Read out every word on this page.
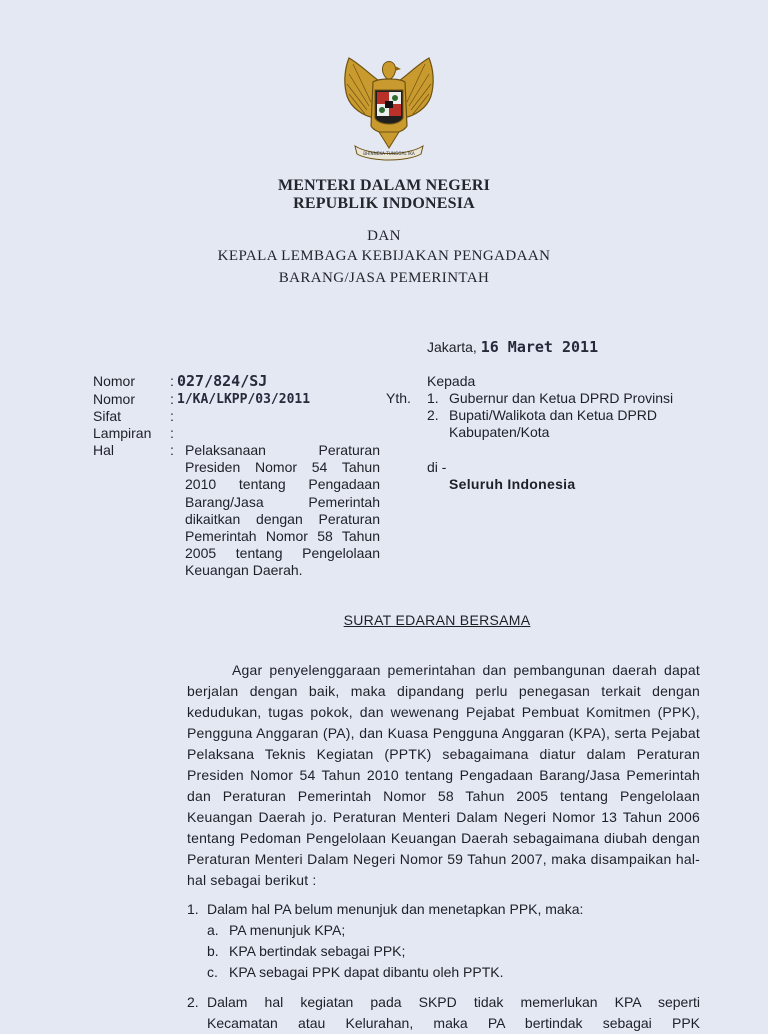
BHINNEKA TUNGGAL IKA
MENTERI DALAM NEGERI
REPUBLIK INDONESIA
DAN
KEPALA LEMBAGA KEBIJAKAN PENGADAAN
BARANG/JASA PEMERINTAH
Jakarta, 16 Maret 2011
Nomor : 027/824/SJ
Nomor : 1/KA/LKPP/03/2011
Sifat	:
Lampiran :
Hal	: Pelaksanaan Peraturan Presiden Nomor 54 Tahun 2010 tentang Pengadaan Barang/Jasa Pemerintah dikaitkan dengan Peraturan Pemerintah Nomor 58 Tahun 2005 tentang Pengelolaan Keuangan Daerah.
Kepada
Yth. 1. Gubernur dan Ketua DPRD Provinsi
2. Bupati/Walikota dan Ketua DPRD
Kabupaten/Kota
di -
Seluruh Indonesia
SURAT EDARAN BERSAMA
Agar penyelenggaraan pemerintahan dan pembangunan daerah dapat berjalan dengan baik, maka dipandang perlu penegasan terkait dengan kedudukan, tugas pokok, dan wewenang Pejabat Pembuat Komitmen (PPK), Pengguna Anggaran (PA), dan Kuasa Pengguna Anggaran (KPA), serta Pejabat Pelaksana Teknis Kegiatan (PPTK) sebagaimana diatur dalam Peraturan Presiden Nomor 54 Tahun 2010 tentang Pengadaan Barang/Jasa Pemerintah dan Peraturan Pemerintah Nomor 58 Tahun 2005 tentang Pengelolaan Keuangan Daerah jo. Peraturan Menteri Dalam Negeri Nomor 13 Tahun 2006 tentang Pedoman Pengelolaan Keuangan Daerah sebagaimana diubah dengan Peraturan Menteri Dalam Negeri Nomor 59 Tahun 2007, maka disampaikan hal-hal sebagai berikut :
1. Dalam hal PA belum menunjuk dan menetapkan PPK, maka:
a. PA menunjuk KPA;
b. KPA bertindak sebagai PPK;
c. KPA sebagai PPK dapat dibantu oleh PPTK.
2. Dalam hal kegiatan pada SKPD tidak memerlukan KPA seperti
Kecamatan atau Kelurahan, maka PA bertindak sebagai PPK
